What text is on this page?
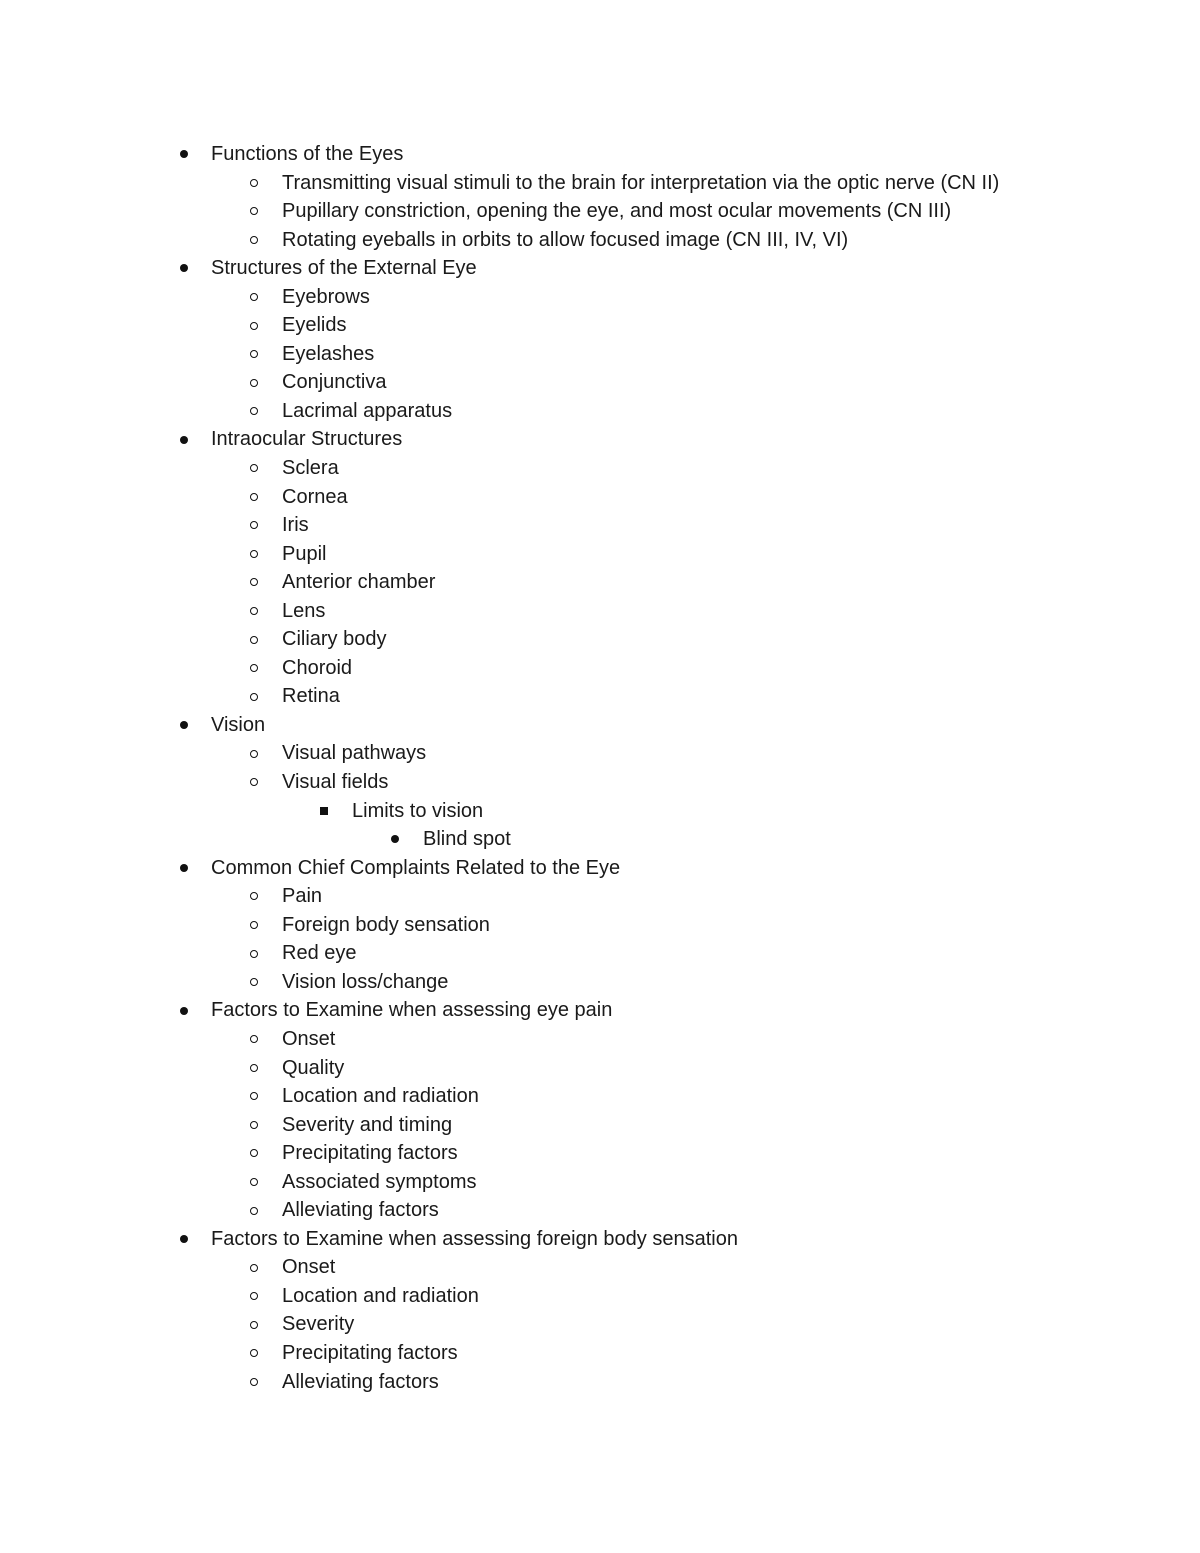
Functions of the Eyes
Transmitting visual stimuli to the brain for interpretation via the optic nerve (CN II)
Pupillary constriction, opening the eye, and most ocular movements (CN III)
Rotating eyeballs in orbits to allow focused image (CN III, IV, VI)
Structures of the External Eye
Eyebrows
Eyelids
Eyelashes
Conjunctiva
Lacrimal apparatus
Intraocular Structures
Sclera
Cornea
Iris
Pupil
Anterior chamber
Lens
Ciliary body
Choroid
Retina
Vision
Visual pathways
Visual fields
Limits to vision
Blind spot
Common Chief Complaints Related to the Eye
Pain
Foreign body sensation
Red eye
Vision loss/change
Factors to Examine when assessing eye pain
Onset
Quality
Location and radiation
Severity and timing
Precipitating factors
Associated symptoms
Alleviating factors
Factors to Examine when assessing foreign body sensation
Onset
Location and radiation
Severity
Precipitating factors
Alleviating factors
